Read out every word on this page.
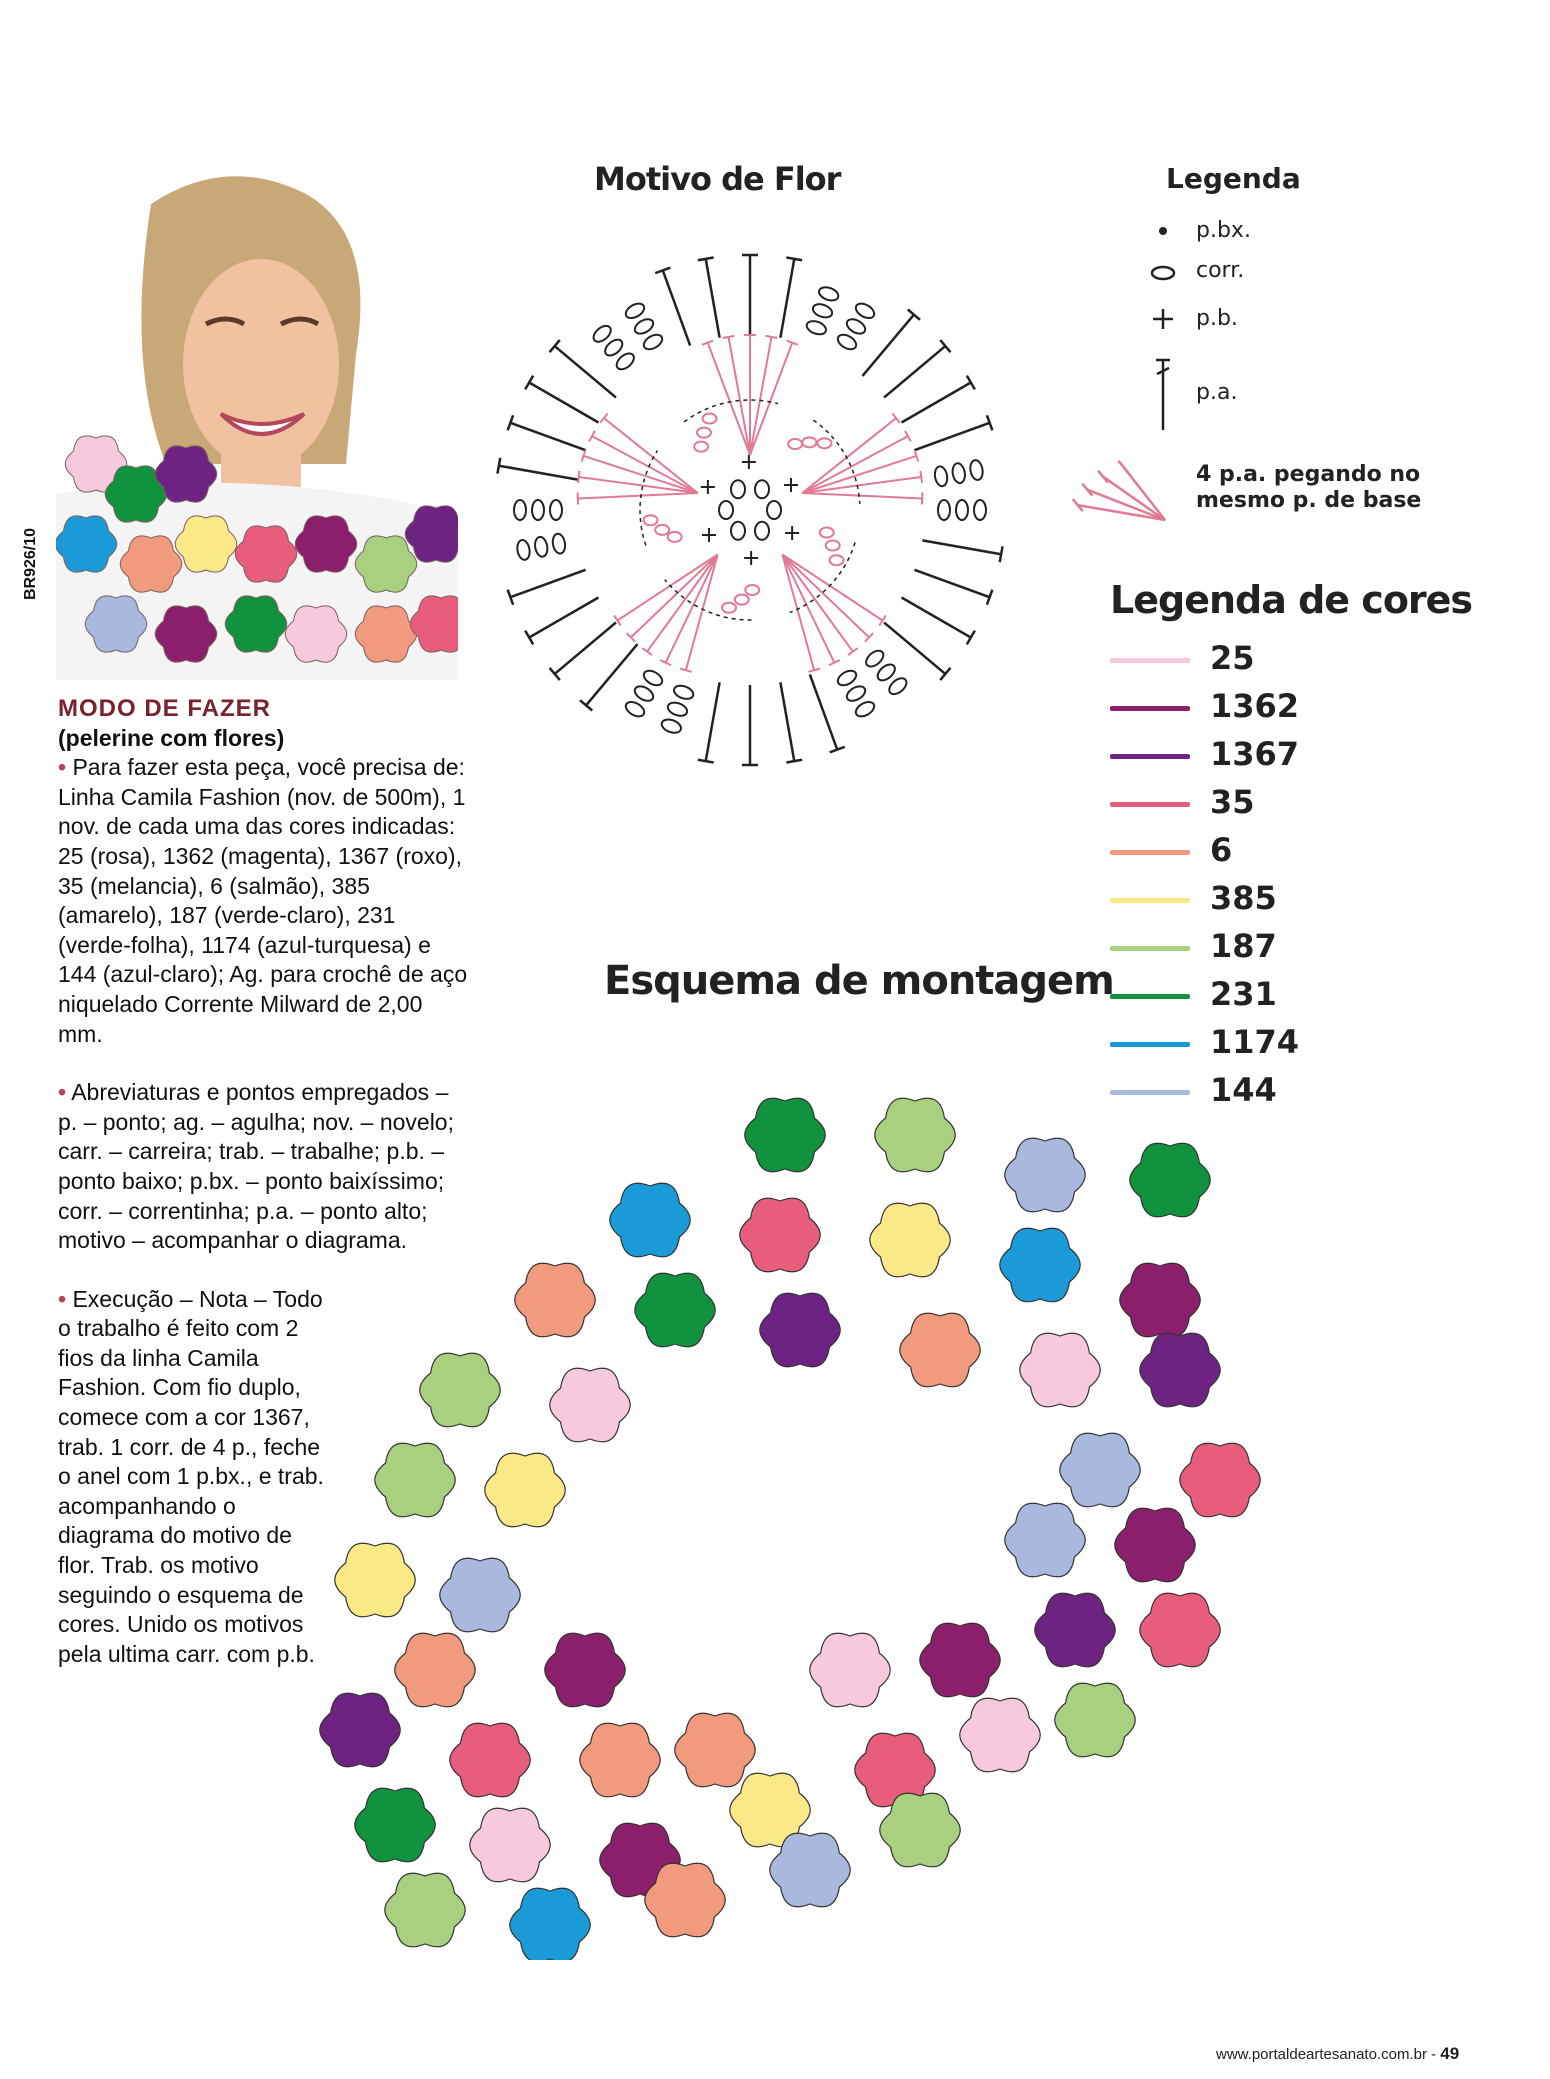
BR926/10
MODO DE FAZER
(pelerine com flores)

• Para fazer esta peça, você precisa de: Linha Camila Fashion (nov. de 500m), 1 nov. de cada uma das cores indicadas: 25 (rosa), 1362 (magenta), 1367 (roxo), 35 (melancia), 6 (salmão), 385 (amarelo), 187 (verde-claro), 231 (verde-folha), 1174 (azul-turquesa) e 144 (azul-claro); Ag. para crochê de aço niquelado Corrente Milward de 2,00 mm.

• Abreviaturas e pontos empregados – p. – ponto; ag. – agulha; nov. – novelo; carr. – carreira; trab. – trabalhe; p.b. – ponto baixo; p.bx. – ponto baixíssimo; corr. – correntinha; p.a. – ponto alto; motivo – acompanhar o diagrama.

• Execução – Nota – Todo o trabalho é feito com 2 fios da linha Camila Fashion. Com fio duplo, comece com a cor 1367, trab. 1 corr. de 4 p., feche o anel com 1 p.bx., e trab. acompanhando o diagrama do motivo de flor. Trab. os motivo seguindo o esquema de cores. Unido os motivos pela ultima carr. com p.b.

Motivo de Flor	Legenda
p.bx.
corr.
p.b.
p.a.
4 p.a. pegando no mesmo p. de base
Legenda de cores
25
1362
1367
35
6
385
187
231
1174
144
Esquema de montagem
www.portaldeartesanato.com.br - 49
